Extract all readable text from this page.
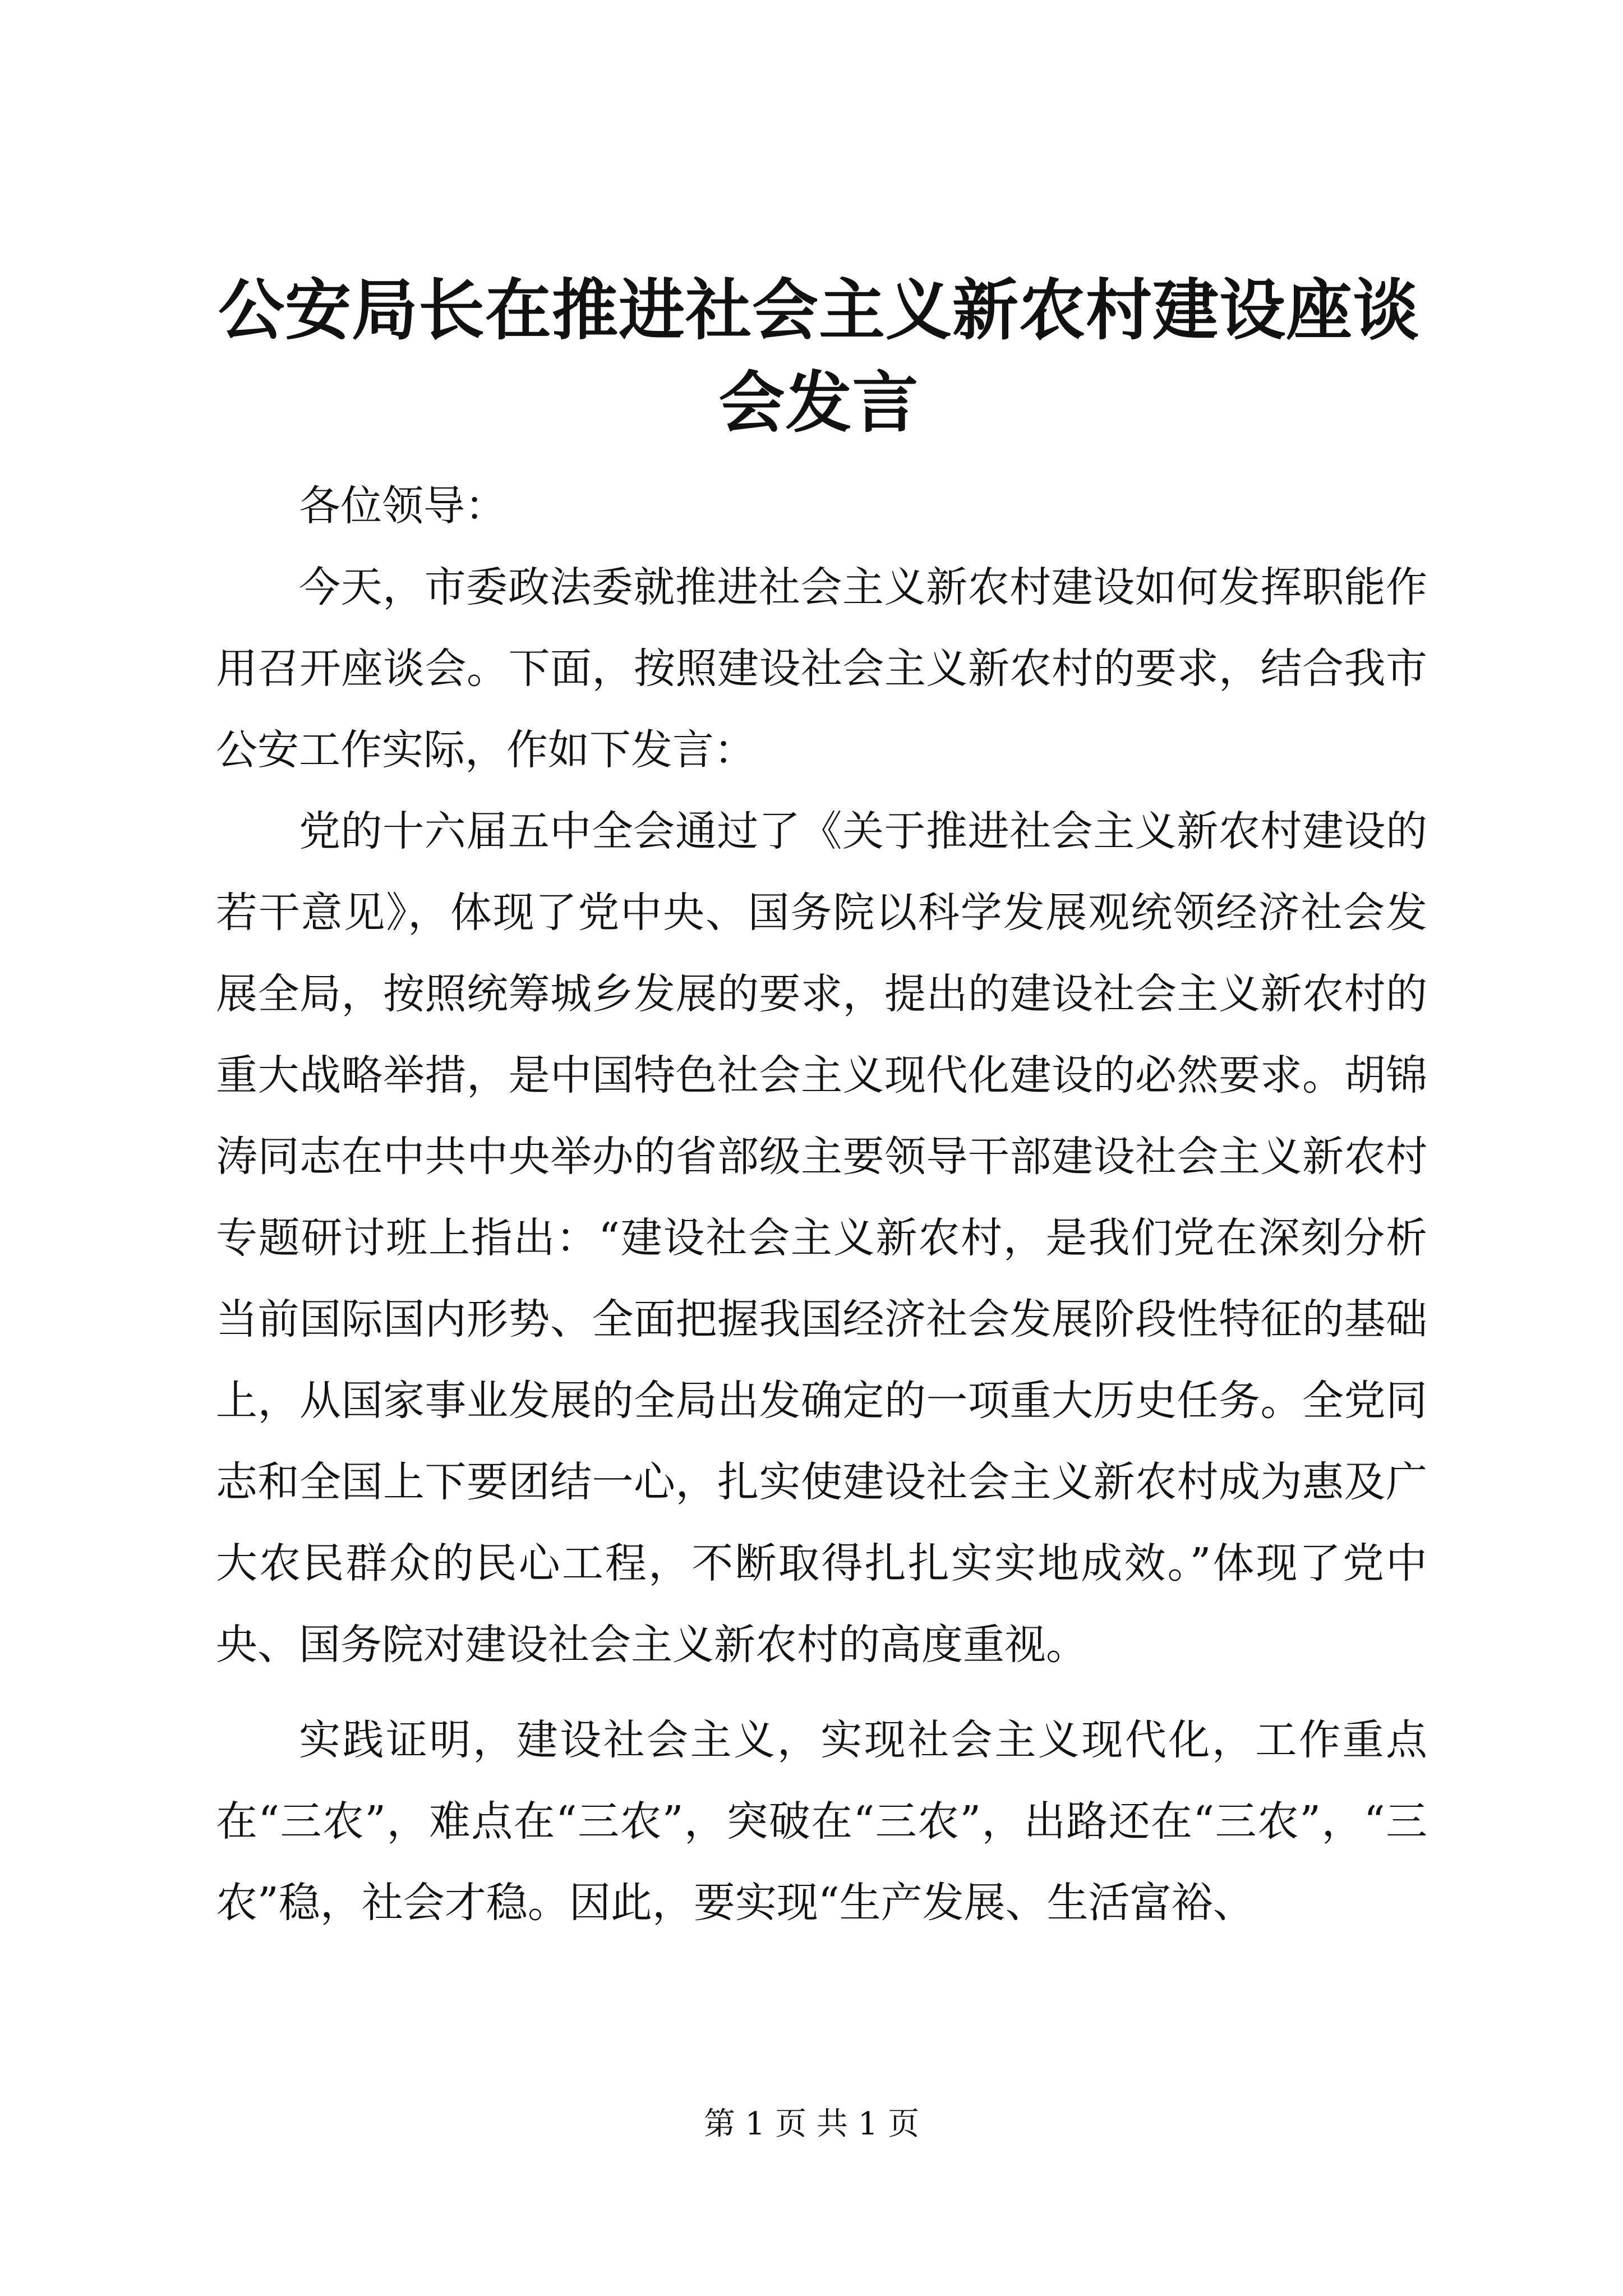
公安局长在推进社会主义新农村建设座谈会发言

各位领导：

今天，市委政法委就推进社会主义新农村建设如何发挥职能作用召开座谈会。下面，按照建设社会主义新农村的要求，结合我市公安工作实际，作如下发言：

党的十六届五中全会通过了《关于推进社会主义新农村建设的若干意见》，体现了党中央、国务院以科学发展观统领经济社会发展全局，按照统筹城乡发展的要求，提出的建设社会主义新农村的重大战略举措，是中国特色社会主义现代化建设的必然要求。胡锦涛同志在中共中央举办的省部级主要领导干部建设社会主义新农村专题研讨班上指出：“建设社会主义新农村，是我们党在深刻分析当前国际国内形势、全面把握我国经济社会发展阶段性特征的基础上，从国家事业发展的全局出发确定的一项重大历史任务。全党同志和全国上下要团结一心，扎实使建设社会主义新农村成为惠及广大农民群众的民心工程，不断取得扎扎实实地成效。”体现了党中央、国务院对建设社会主义新农村的高度重视。

实践证明，建设社会主义，实现社会主义现代化，工作重点在“三农”，难点在“三农”，突破在“三农”，出路还在“三农”，“三农”稳，社会才稳。因此，要实现“生产发展、生活富裕、

第 1 页 共 1 页
